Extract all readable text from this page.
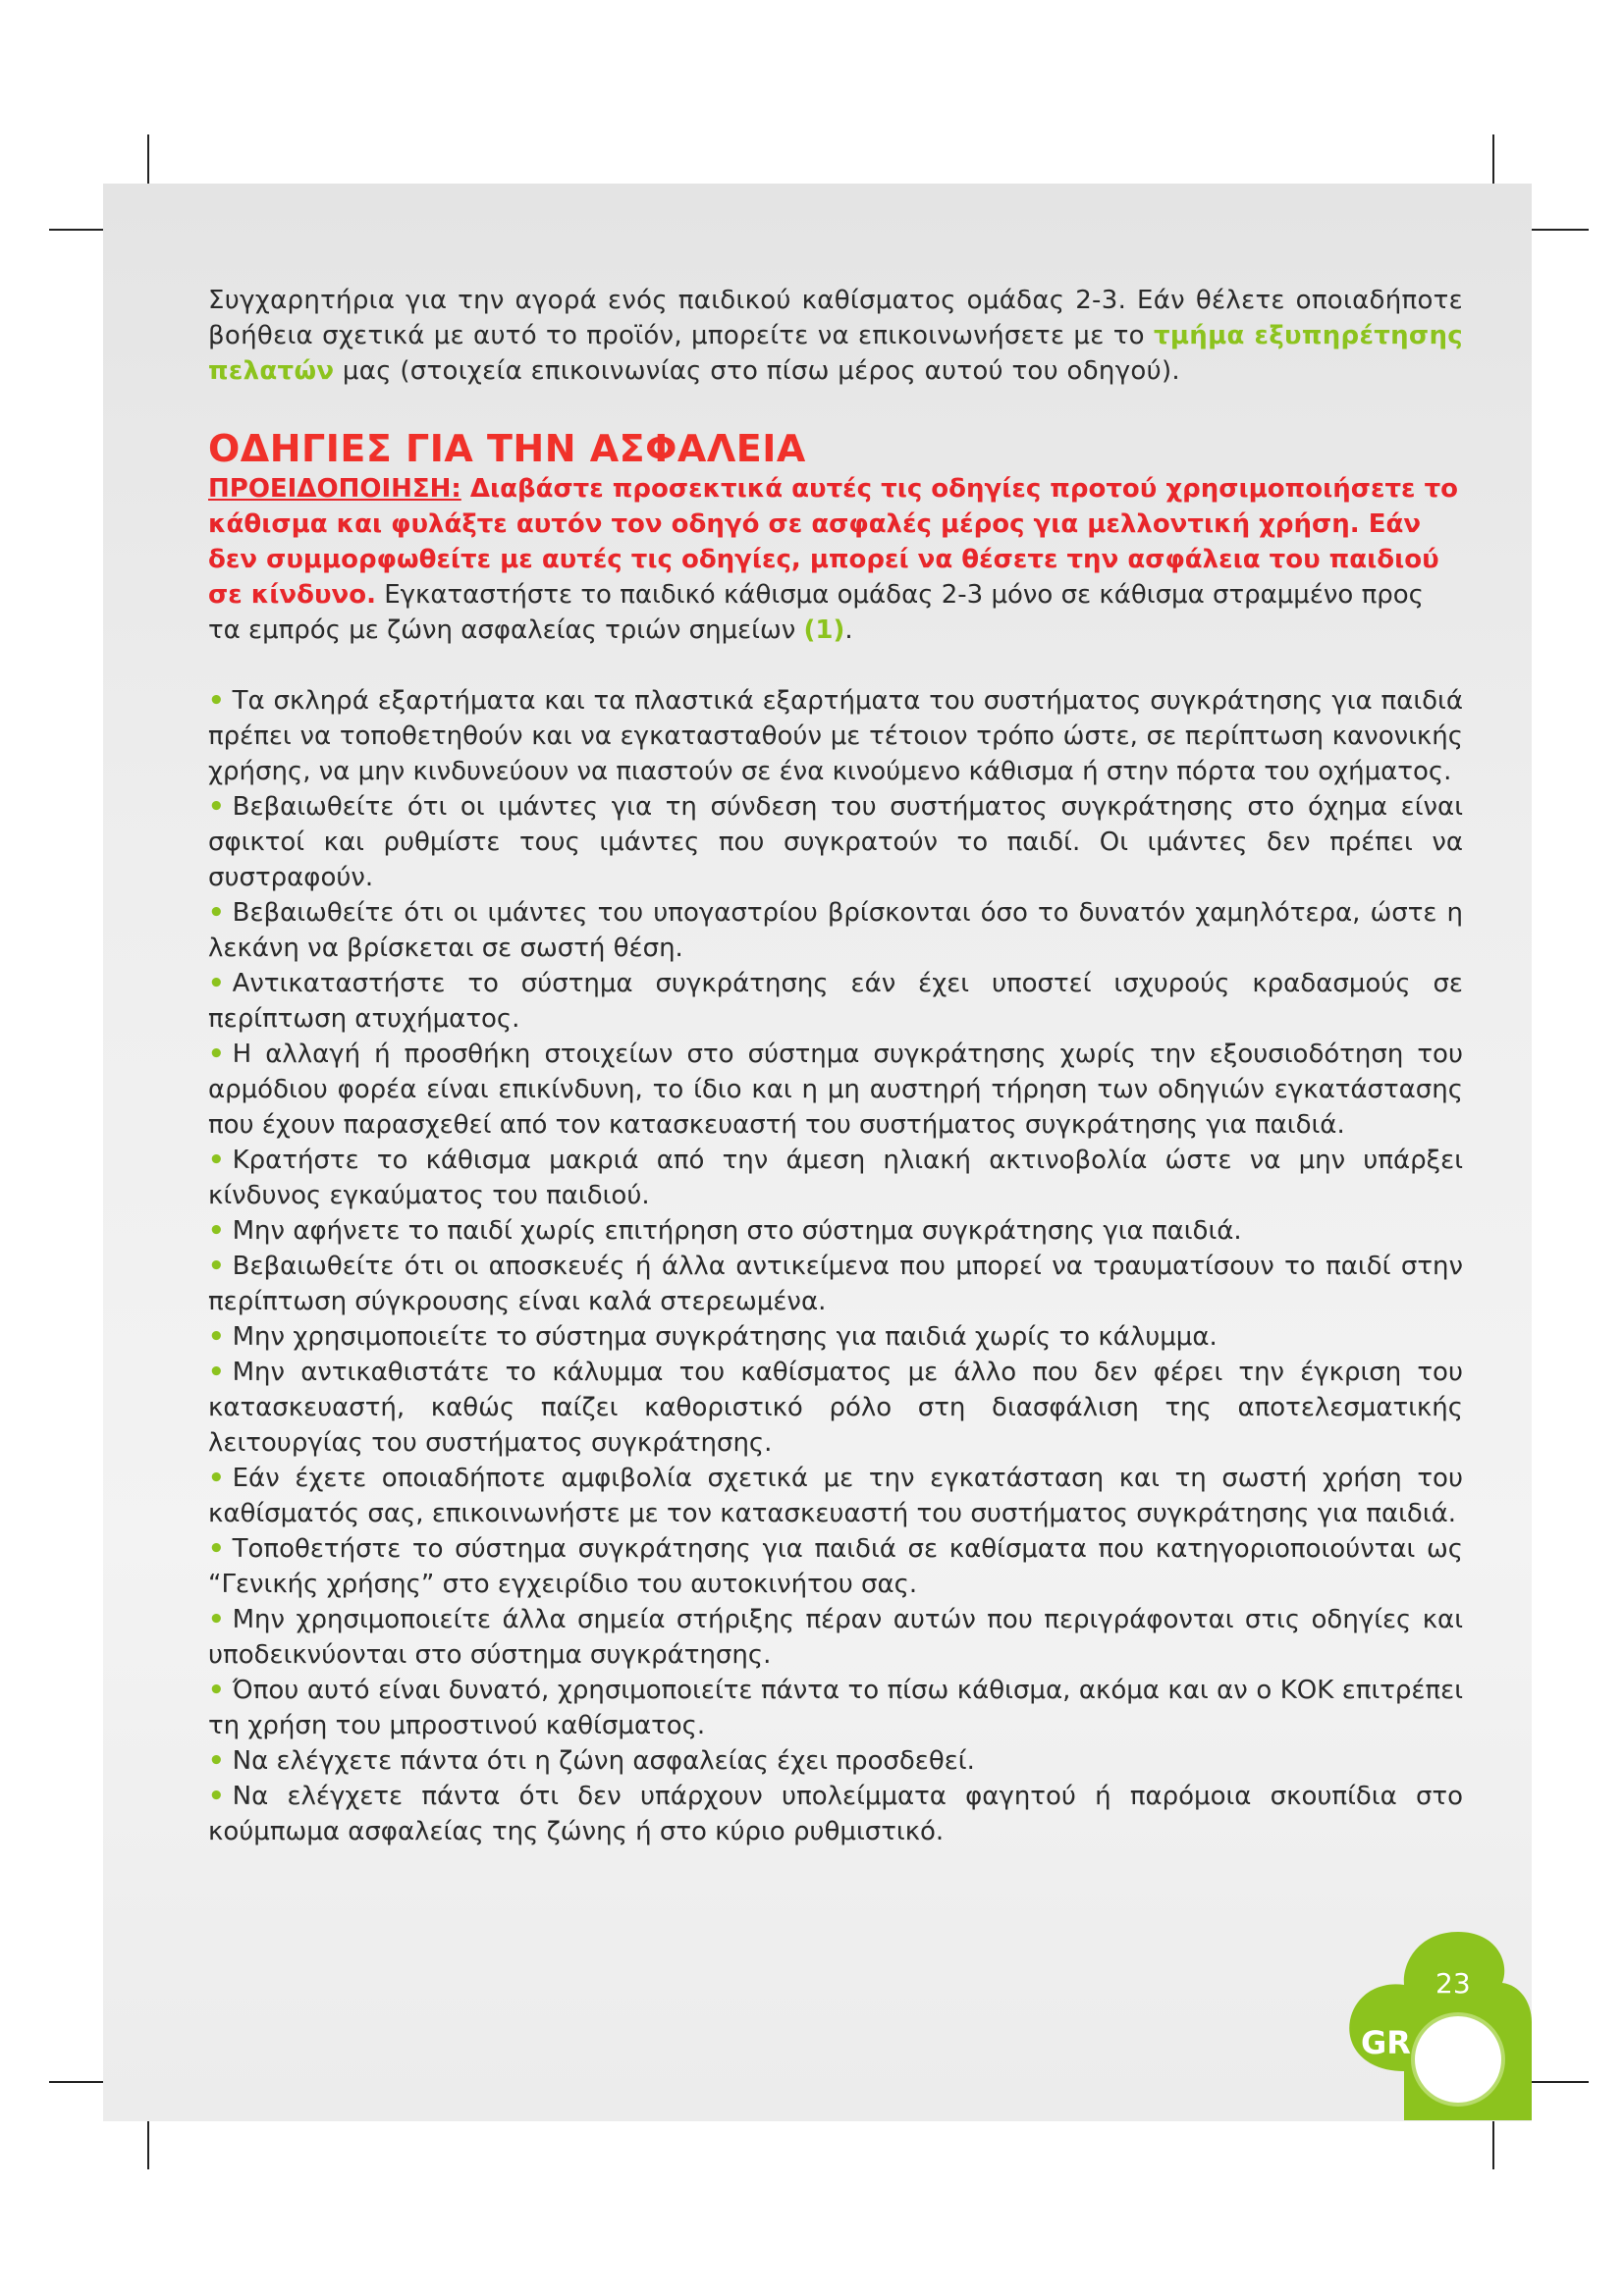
Συγχαρητήρια για την αγορά ενός παιδικού καθίσματος ομάδας 2-3. Εάν θέλετε οποιαδήποτε βοήθεια σχετικά με αυτό το προϊόν, μπορείτε να επικοινωνήσετε με το τμήμα εξυπηρέτησης πελατών μας (στοιχεία επικοινωνίας στο πίσω μέρος αυτού του οδηγού).

ΟΔΗΓΙΕΣ ΓΙΑ ΤΗΝ ΑΣΦΑΛΕΙΑ

ΠΡΟΕΙΔΟΠΟΙΗΣΗ: Διαβάστε προσεκτικά αυτές τις οδηγίες προτού χρησιμοποιήσετε το κάθισμα και φυλάξτε αυτόν τον οδηγό σε ασφαλές μέρος για μελλοντική χρήση. Εάν δεν συμμορφωθείτε με αυτές τις οδηγίες, μπορεί να θέσετε την ασφάλεια του παιδιού σε κίνδυνο. Εγκαταστήστε το παιδικό κάθισμα ομάδας 2-3 μόνο σε κάθισμα στραμμένο προς τα εμπρός με ζώνη ασφαλείας τριών σημείων (1).

• Τα σκληρά εξαρτήματα και τα πλαστικά εξαρτήματα του συστήματος συγκράτησης για παιδιά πρέπει να τοποθετηθούν και να εγκατασταθούν με τέτοιον τρόπο ώστε, σε περίπτωση κανονικής χρήσης, να μην κινδυνεύουν να πιαστούν σε ένα κινούμενο κάθισμα ή στην πόρτα του οχήματος.
• Βεβαιωθείτε ότι οι ιμάντες για τη σύνδεση του συστήματος συγκράτησης στο όχημα είναι σφικτοί και ρυθμίστε τους ιμάντες που συγκρατούν το παιδί. Οι ιμάντες δεν πρέπει να συστραφούν.
• Βεβαιωθείτε ότι οι ιμάντες του υπογαστρίου βρίσκονται όσο το δυνατόν χαμηλότερα, ώστε η λεκάνη να βρίσκεται σε σωστή θέση.
• Αντικαταστήστε το σύστημα συγκράτησης εάν έχει υποστεί ισχυρούς κραδασμούς σε περίπτωση ατυχήματος.
• Η αλλαγή ή προσθήκη στοιχείων στο σύστημα συγκράτησης χωρίς την εξουσιοδότηση του αρμόδιου φορέα είναι επικίνδυνη, το ίδιο και η μη αυστηρή τήρηση των οδηγιών εγκατάστασης που έχουν παρασχεθεί από τον κατασκευαστή του συστήματος συγκράτησης για παιδιά.
• Κρατήστε το κάθισμα μακριά από την άμεση ηλιακή ακτινοβολία ώστε να μην υπάρξει κίνδυνος εγκαύματος του παιδιού.
• Μην αφήνετε το παιδί χωρίς επιτήρηση στο σύστημα συγκράτησης για παιδιά.
• Βεβαιωθείτε ότι οι αποσκευές ή άλλα αντικείμενα που μπορεί να τραυματίσουν το παιδί στην περίπτωση σύγκρουσης είναι καλά στερεωμένα.
• Μην χρησιμοποιείτε το σύστημα συγκράτησης για παιδιά χωρίς το κάλυμμα.
• Μην αντικαθιστάτε το κάλυμμα του καθίσματος με άλλο που δεν φέρει την έγκριση του κατασκευαστή, καθώς παίζει καθοριστικό ρόλο στη διασφάλιση της αποτελεσματικής λειτουργίας του συστήματος συγκράτησης.
• Εάν έχετε οποιαδήποτε αμφιβολία σχετικά με την εγκατάσταση και τη σωστή χρήση του καθίσματός σας, επικοινωνήστε με τον κατασκευαστή του συστήματος συγκράτησης για παιδιά.
• Τοποθετήστε το σύστημα συγκράτησης για παιδιά σε καθίσματα που κατηγοριοποιούνται ως “Γενικής χρήσης” στο εγχειρίδιο του αυτοκινήτου σας.
• Μην χρησιμοποιείτε άλλα σημεία στήριξης πέραν αυτών που περιγράφονται στις οδηγίες και υποδεικνύονται στο σύστημα συγκράτησης.
• Όπου αυτό είναι δυνατό, χρησιμοποιείτε πάντα το πίσω κάθισμα, ακόμα και αν ο ΚΟΚ επιτρέπει τη χρήση του μπροστινού καθίσματος.
• Να ελέγχετε πάντα ότι η ζώνη ασφαλείας έχει προσδεθεί.
• Να ελέγχετε πάντα ότι δεν υπάρχουν υπολείμματα φαγητού ή παρόμοια σκουπίδια στο κούμπωμα ασφαλείας της ζώνης ή στο κύριο ρυθμιστικό.
23
GR
